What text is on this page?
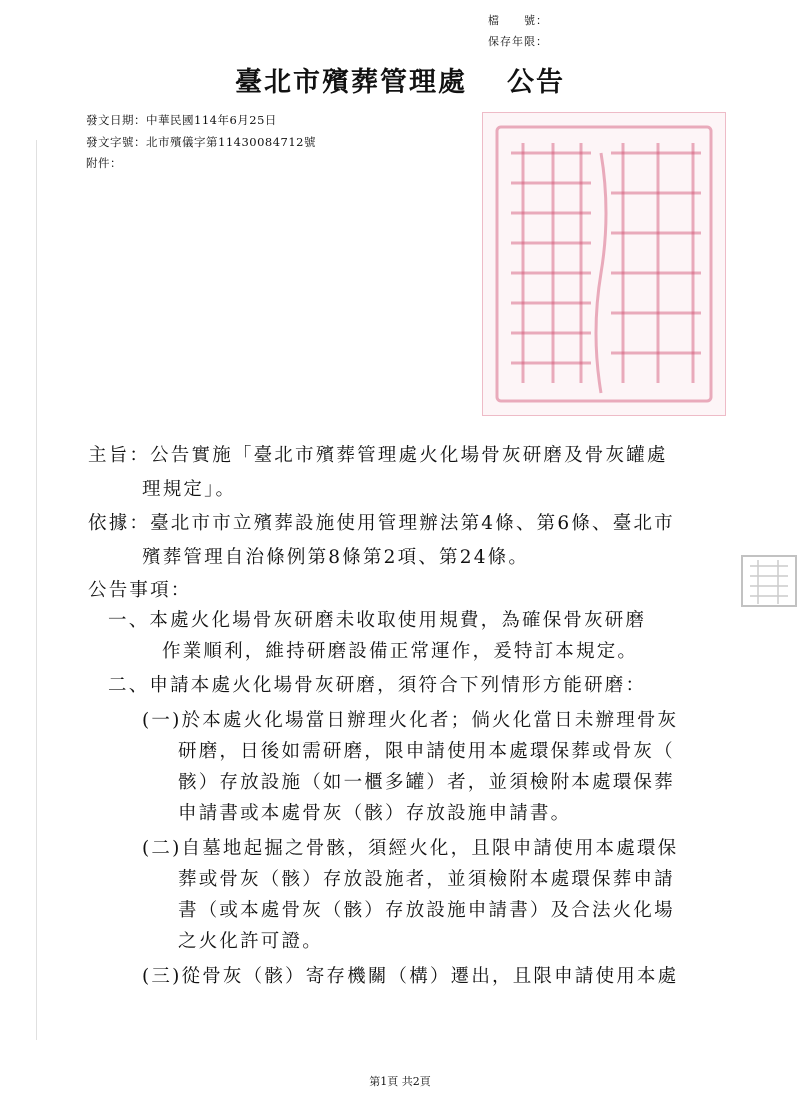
檔　　號：
保存年限：
臺北市殯葬管理處 公告
發文日期：中華民國114年6月25日
發文字號：北市殯儀字第11430084712號
附件：
主旨：公告實施「臺北市殯葬管理處火化場骨灰研磨及骨灰罐處
理規定」。
依據：臺北市市立殯葬設施使用管理辦法第4條、第6條、臺北市
殯葬管理自治條例第8條第2項、第24條。
公告事項：
一、本處火化場骨灰研磨未收取使用規費，為確保骨灰研磨
作業順利，維持研磨設備正常運作，爰特訂本規定。
二、申請本處火化場骨灰研磨，須符合下列情形方能研磨：
(一)於本處火化場當日辦理火化者；倘火化當日未辦理骨灰
研磨，日後如需研磨，限申請使用本處環保葬或骨灰（
骸）存放設施（如一櫃多罐）者，並須檢附本處環保葬
申請書或本處骨灰（骸）存放設施申請書。
(二)自墓地起掘之骨骸，須經火化，且限申請使用本處環保
葬或骨灰（骸）存放設施者，並須檢附本處環保葬申請
書（或本處骨灰（骸）存放設施申請書）及合法火化場
之火化許可證。
(三)從骨灰（骸）寄存機關（構）遷出，且限申請使用本處
第1頁 共2頁
